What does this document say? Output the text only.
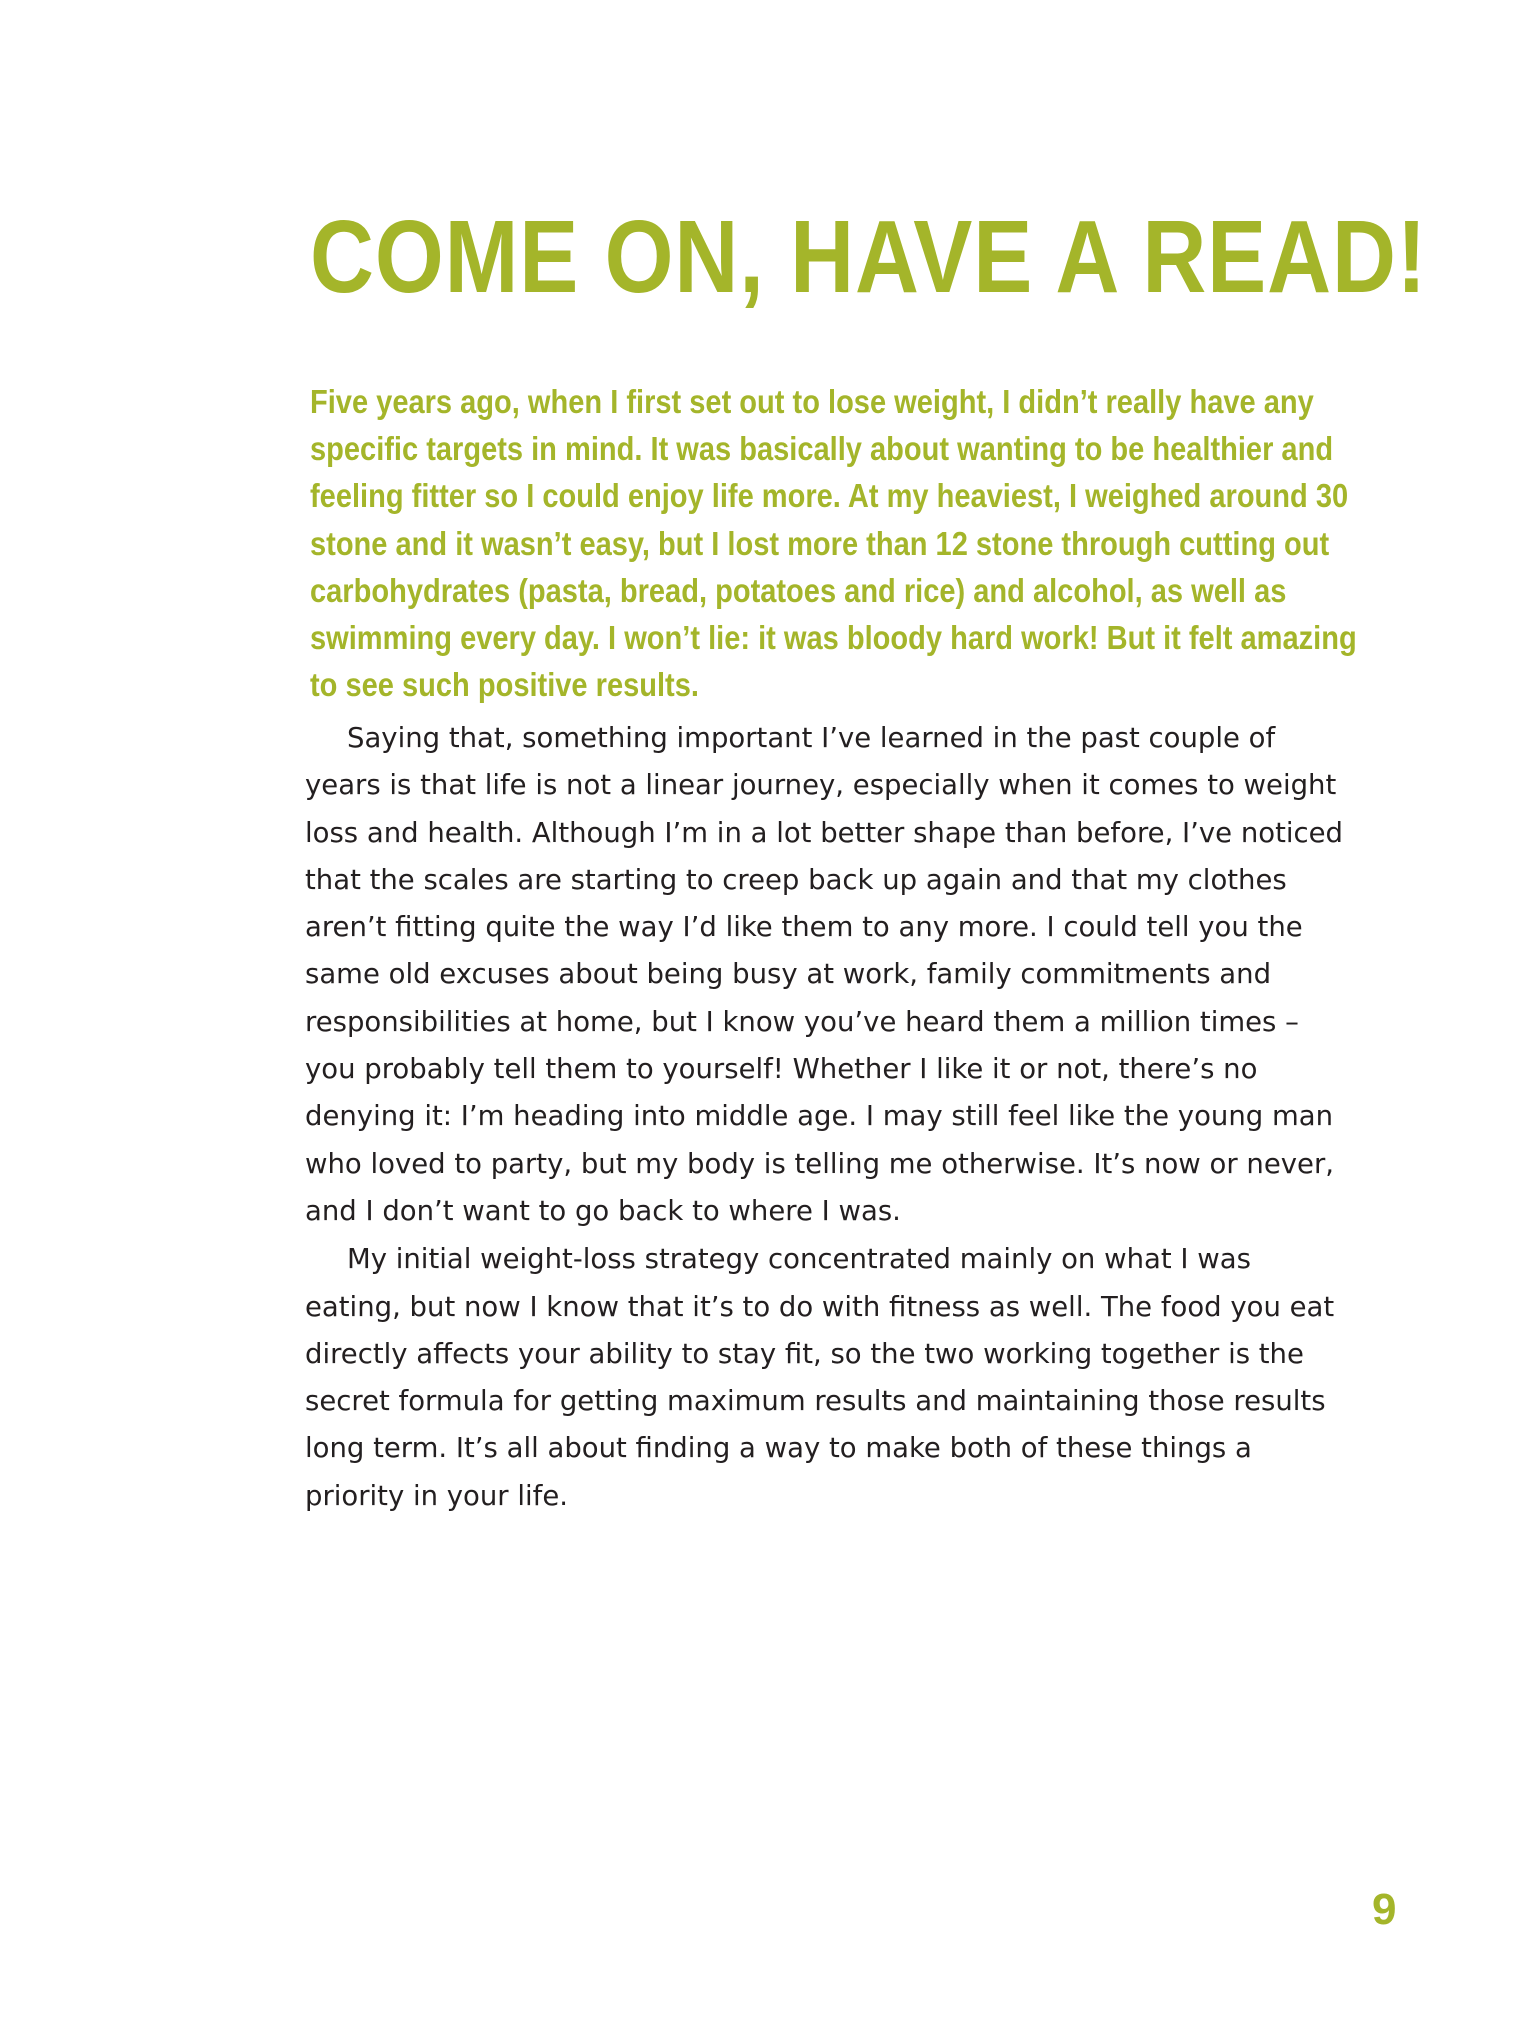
COME ON, HAVE A READ!

Five years ago, when I first set out to lose weight, I didn’t really have any specific targets in mind. It was basically about wanting to be healthier and feeling fitter so I could enjoy life more. At my heaviest, I weighed around 30 stone and it wasn’t easy, but I lost more than 12 stone through cutting out carbohydrates (pasta, bread, potatoes and rice) and alcohol, as well as swimming every day. I won’t lie: it was bloody hard work! But it felt amazing to see such positive results.

Saying that, something important I’ve learned in the past couple of years is that life is not a linear journey, especially when it comes to weight loss and health. Although I’m in a lot better shape than before, I’ve noticed that the scales are starting to creep back up again and that my clothes aren’t fitting quite the way I’d like them to any more. I could tell you the same old excuses about being busy at work, family commitments and responsibilities at home, but I know you’ve heard them a million times – you probably tell them to yourself! Whether I like it or not, there’s no denying it: I’m heading into middle age. I may still feel like the young man who loved to party, but my body is telling me otherwise. It’s now or never, and I don’t want to go back to where I was.

My initial weight-loss strategy concentrated mainly on what I was eating, but now I know that it’s to do with fitness as well. The food you eat directly affects your ability to stay fit, so the two working together is the secret formula for getting maximum results and maintaining those results long term. It’s all about finding a way to make both of these things a priority in your life.

9
